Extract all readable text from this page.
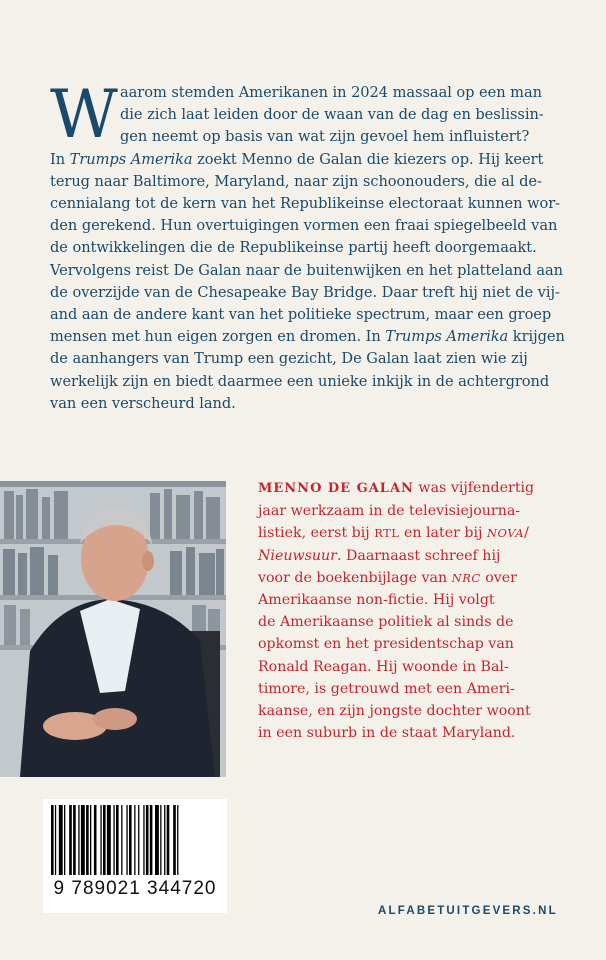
W aarom stemden Amerikanen in 2024 massaal op een man
die zich laat leiden door de waan van de dag en beslissin-
gen neemt op basis van wat zijn gevoel hem influistert?
In Trumps Amerika zoekt Menno de Galan die kiezers op. Hij keert
terug naar Baltimore, Maryland, naar zijn schoonouders, die al de-
cennialang tot de kern van het Republikeinse electoraat kunnen wor-
den gerekend. Hun overtuigingen vormen een fraai spiegelbeeld van
de ontwikkelingen die de Republikeinse partij heeft doorgemaakt.
Vervolgens reist De Galan naar de buitenwijken en het platteland aan
de overzijde van de Chesapeake Bay Bridge. Daar treft hij niet de vij-
and aan de andere kant van het politieke spectrum, maar een groep
mensen met hun eigen zorgen en dromen. In Trumps Amerika krijgen
de aanhangers van Trump een gezicht, De Galan laat zien wie zij
werkelijk zijn en biedt daarmee een unieke inkijk in de achtergrond
van een verscheurd land.
MENNO DE GALAN was vijfendertig
jaar werkzaam in de televisiejourna-
listiek, eerst bij RTL en later bij NOVA/
Nieuwsuur. Daarnaast schreef hij
voor de boekenbijlage van NRC over
Amerikaanse non-fictie. Hij volgt
de Amerikaanse politiek al sinds de
opkomst en het presidentschap van
Ronald Reagan. Hij woonde in Bal-
timore, is getrouwd met een Ameri-
kaanse, en zijn jongste dochter woont
in een suburb in de staat Maryland.
9 789021 344720
ALFABETUITGEVERS.NL
